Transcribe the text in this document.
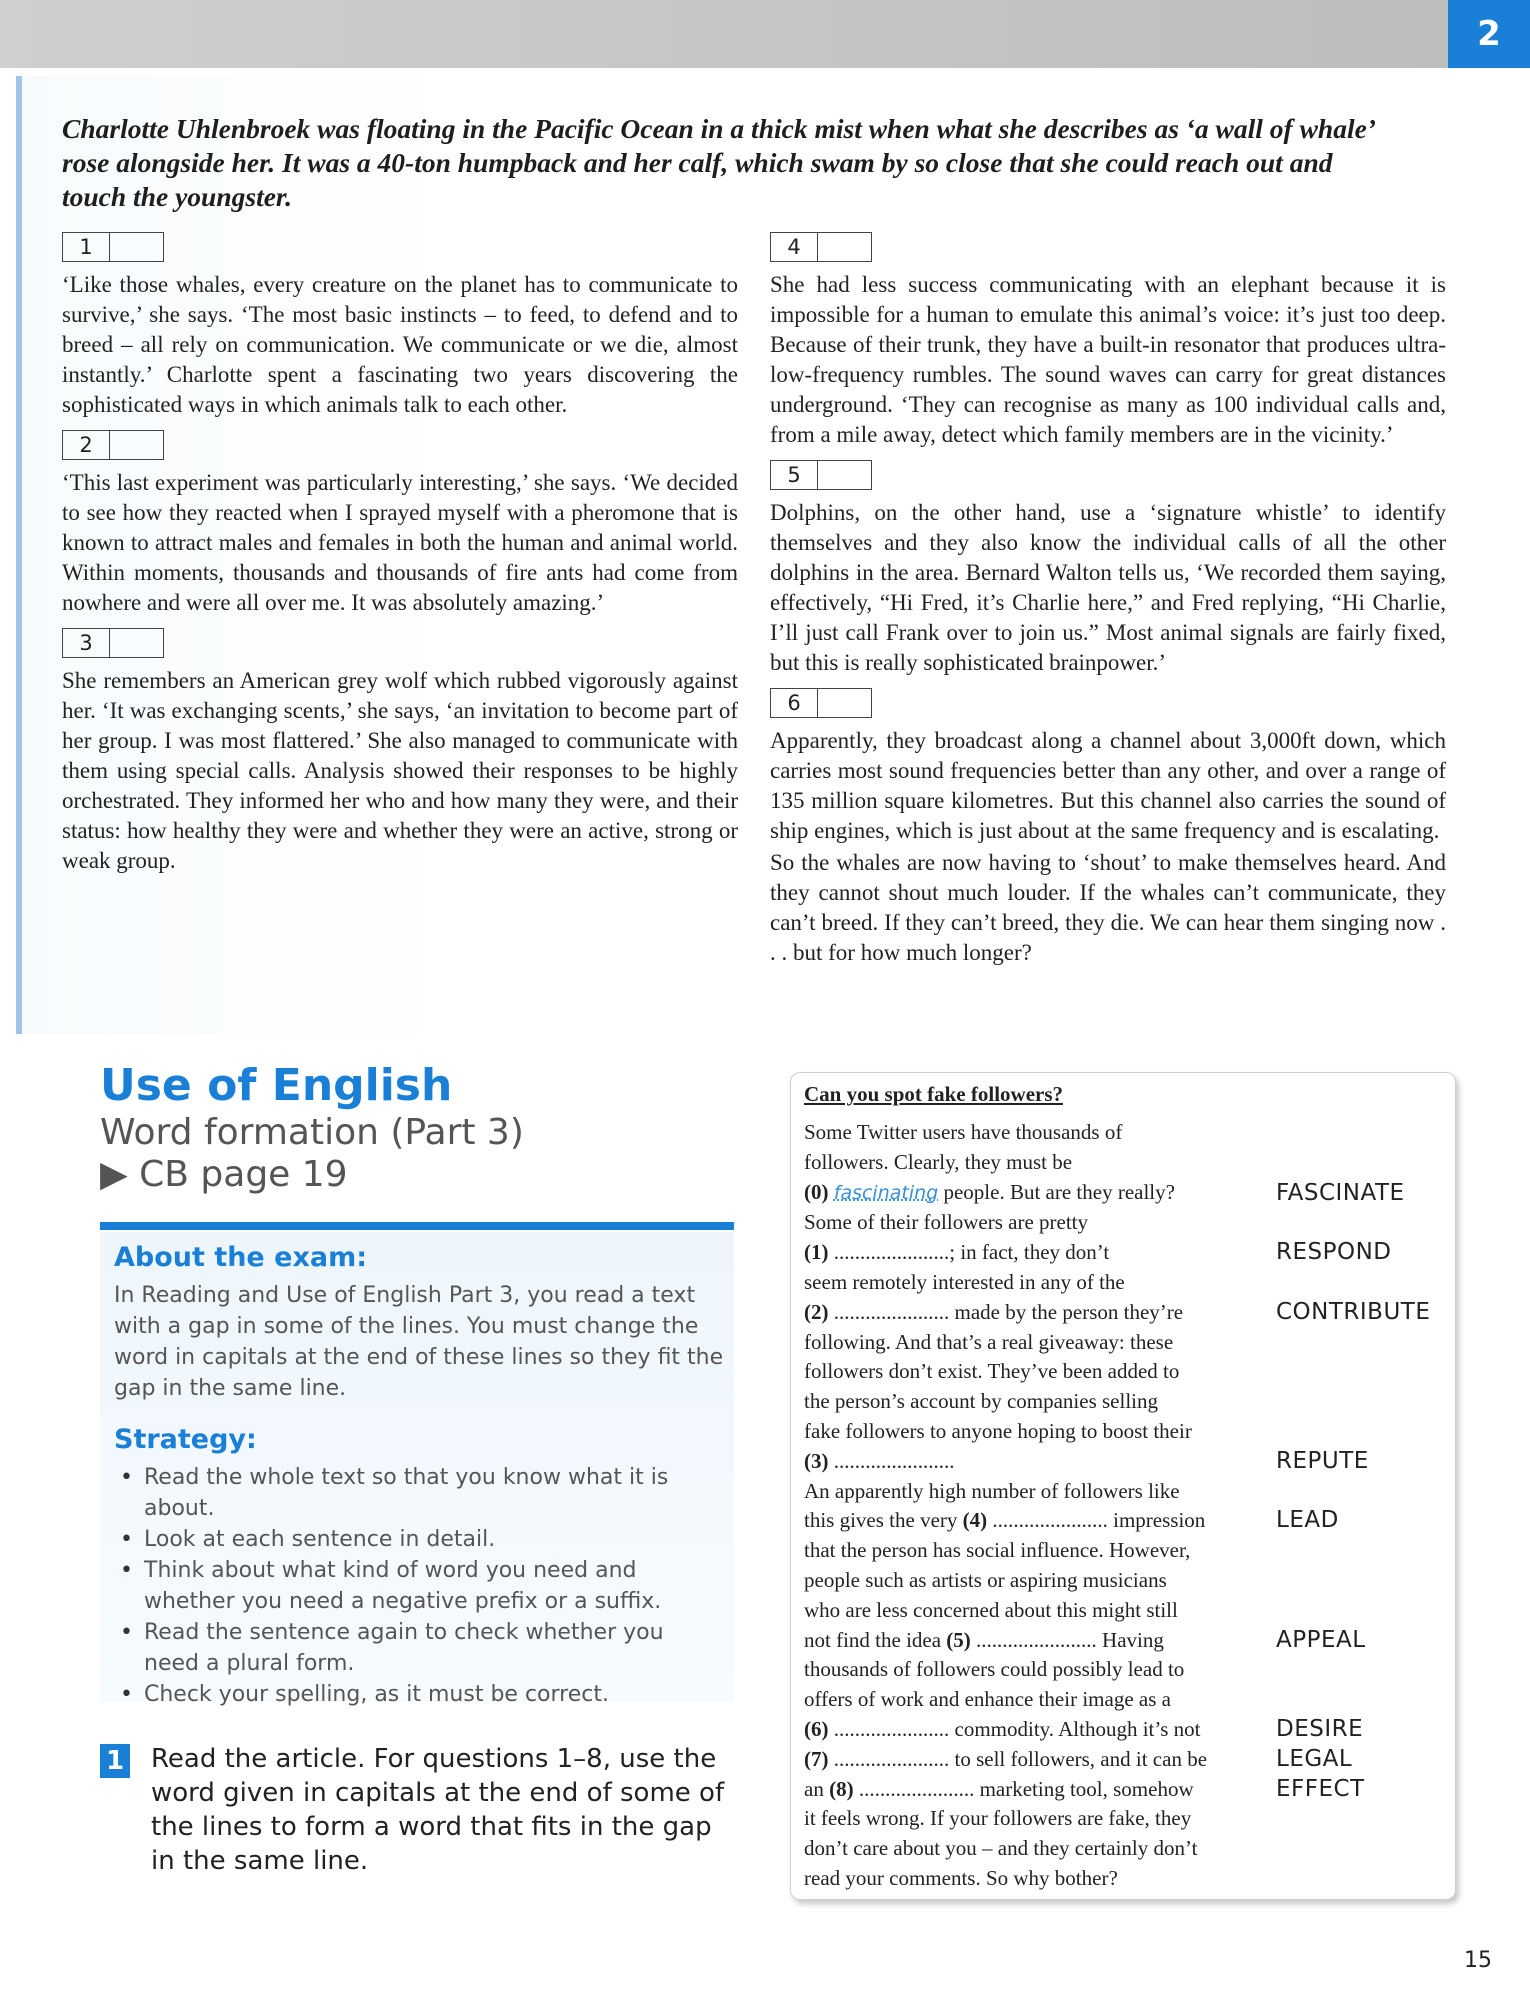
2
Charlotte Uhlenbroek was floating in the Pacific Ocean in a thick mist when what she describes as ‘a wall of whale’ rose alongside her. It was a 40-ton humpback and her calf, which swam by so close that she could reach out and touch the youngster.
1

‘Like those whales, every creature on the planet has to communicate to survive,’ she says. ‘The most basic instincts – to feed, to defend and to breed – all rely on communication. We communicate or we die, almost instantly.’ Charlotte spent a fascinating two years discovering the sophisticated ways in which animals talk to each other.

2

‘This last experiment was particularly interesting,’ she says. ‘We decided to see how they reacted when I sprayed myself with a pheromone that is known to attract males and females in both the human and animal world. Within moments, thousands and thousands of fire ants had come from nowhere and were all over me. It was absolutely amazing.’

3

She remembers an American grey wolf which rubbed vigorously against her. ‘It was exchanging scents,’ she says, ‘an invitation to become part of her group. I was most flattered.’ She also managed to communicate with them using special calls. Analysis showed their responses to be highly orchestrated. They informed her who and how many they were, and their status: how healthy they were and whether they were an active, strong or weak group.

4

She had less success communicating with an elephant because it is impossible for a human to emulate this animal’s voice: it’s just too deep. Because of their trunk, they have a built-in resonator that produces ultra-low-frequency rumbles. The sound waves can carry for great distances underground. ‘They can recognise as many as 100 individual calls and, from a mile away, detect which family members are in the vicinity.’

5

Dolphins, on the other hand, use a ‘signature whistle’ to identify themselves and they also know the individual calls of all the other dolphins in the area. Bernard Walton tells us, ‘We recorded them saying, effectively, “Hi Fred, it’s Charlie here,” and Fred replying, “Hi Charlie, I’ll just call Frank over to join us.” Most animal signals are fairly fixed, but this is really sophisticated brainpower.’

6

Apparently, they broadcast along a channel about 3,000ft down, which carries most sound frequencies better than any other, and over a range of 135 million square kilometres. But this channel also carries the sound of ship engines, which is just about at the same frequency and is escalating.

So the whales are now having to ‘shout’ to make themselves heard. And they cannot shout much louder. If the whales can’t communicate, they can’t breed. If they can’t breed, they die. We can hear them singing now . . . but for how much longer?

Use of English
Word formation (Part 3)
▶ CB page 19
About the exam:

In Reading and Use of English Part 3, you read a text with a gap in some of the lines. You must change the word in capitals at the end of these lines so they fit the gap in the same line.

Strategy:
• Read the whole text so that you know what it is about.
• Look at each sentence in detail.
• Think about what kind of word you need and whether you need a negative prefix or a suffix.
• Read the sentence again to check whether you need a plural form.
• Check your spelling, as it must be correct.
1 Read the article. For questions 1–8, use the word given in capitals at the end of some of the lines to form a word that fits in the gap in the same line.
Can you spot fake followers?
Some Twitter users have thousands of
followers. Clearly, they must be
(0) fascinating people. But are they really?
Some of their followers are pretty
(1) ......................; in fact, they don’t
seem remotely interested in any of the
(2) ...................... made by the person they’re
following. And that’s a real giveaway: these
followers don’t exist. They’ve been added to
the person’s account by companies selling
fake followers to anyone hoping to boost their
(3) .......................
An apparently high number of followers like
this gives the very (4) ...................... impression
that the person has social influence. However,
people such as artists or aspiring musicians
who are less concerned about this might still
not find the idea (5) ....................... Having
thousands of followers could possibly lead to
offers of work and enhance their image as a
(6) ...................... commodity. Although it’s not
(7) ...................... to sell followers, and it can be
an (8) ...................... marketing tool, somehow
it feels wrong. If your followers are fake, they
don’t care about you – and they certainly don’t
read your comments. So why bother?
FASCINATE
RESPOND
CONTRIBUTE
REPUTE
LEAD
APPEAL
DESIRE
LEGAL
EFFECT
15
